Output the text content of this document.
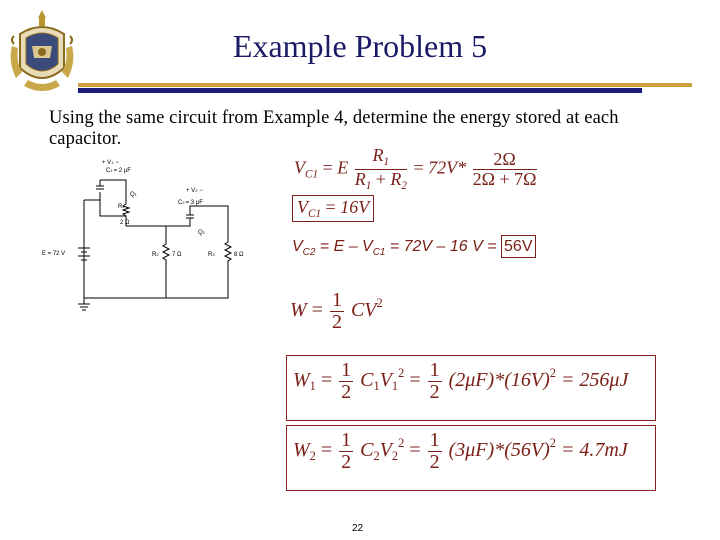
Example Problem 5
Using the same circuit from Example 4, determine the energy stored at each capacitor.
+ V1 −
C1= 2 μF
Q1
R1
2 Ω
+ V2 −
C2= 3 μF
Q2
E = 72 V	R2 7 Ω	R3	8 Ω
$V_{C1} = E \frac{R_1}{R_1 + R_2} = 72V* \frac{2\Omega}{2\Omega + 7\Omega}$
$V_{C1} = 16V$
$V_{C2} = E - V_{C1} = 72V - 16$ V = 56V
$W = \frac{1}{2} CV^2$
$W_1 = \frac{1}{2} C_1V_1^2 = \frac{1}{2} (2\mu F)*(16V)^2 = 256\mu J$
$W_2 = \frac{1}{2} C_2V_2^2 = \frac{1}{2} (3\mu F)*(56V)^2 = 4.7mJ$
22
